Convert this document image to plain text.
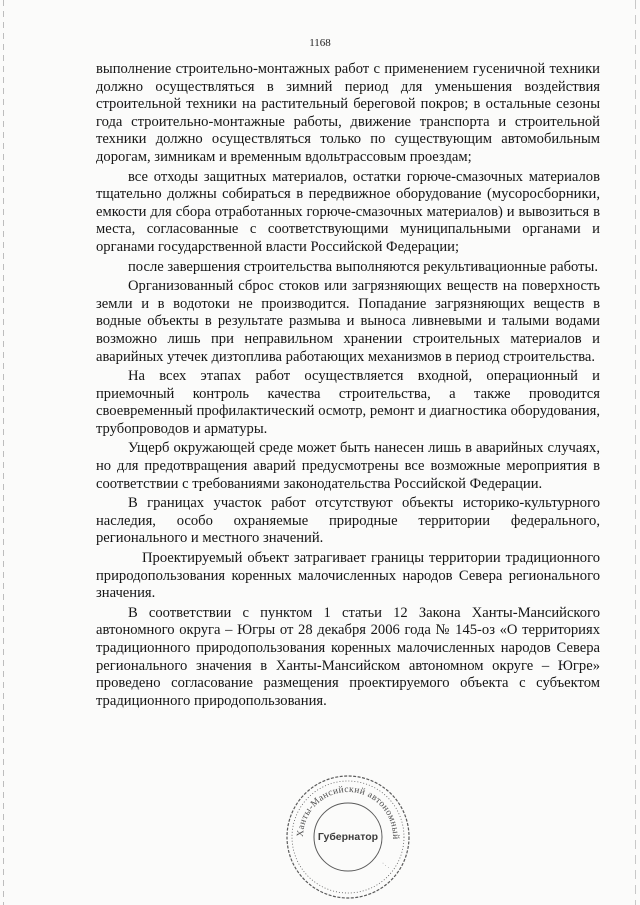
1168

выполнение строительно-монтажных работ с применением гусеничной техники должно осуществляться в зимний период для уменьшения воздействия строительной техники на растительный береговой покров; в остальные сезоны года строительно-монтажные работы, движение транспорта и строительной техники должно осуществляться только по существующим автомобильным дорогам, зимникам и временным вдольтрассовым проездам;

все отходы защитных материалов, остатки горюче-смазочных материалов тщательно должны собираться в передвижное оборудование (мусоросборники, емкости для сбора отработанных горюче-смазочных материалов) и вывозиться в места, согласованные с соответствующими муниципальными органами и органами государственной власти Российской Федерации;

после завершения строительства выполняются рекультивационные работы.

Организованный сброс стоков или загрязняющих веществ на поверхность земли и в водотоки не производится. Попадание загрязняющих веществ в водные объекты в результате размыва и выноса ливневыми и талыми водами возможно лишь при неправильном хранении строительных материалов и аварийных утечек дизтоплива работающих механизмов в период строительства.

На всех этапах работ осуществляется входной, операционный и приемочный контроль качества строительства, а также проводится своевременный профилактический осмотр, ремонт и диагностика оборудования, трубопроводов и арматуры.

Ущерб окружающей среде может быть нанесен лишь в аварийных случаях, но для предотвращения аварий предусмотрены все возможные мероприятия в соответствии с требованиями законодательства Российской Федерации.

В границах участок работ отсутствуют объекты историко-культурного наследия, особо охраняемые природные территории федерального, регионального и местного значений.

Проектируемый объект затрагивает границы территории традиционного природопользования коренных малочисленных народов Севера регионального значения.

В соответствии с пунктом 1 статьи 12 Закона Ханты-Мансийского автономного округа – Югры от 28 декабря 2006 года № 145-оз «О территориях традиционного природопользования коренных малочисленных народов Севера регионального значения в Ханты-Мансийском автономном округе – Югре» проведено согласование размещения проектируемого объекта с субъектом традиционного природопользования.

Ханты-Мансийский автономный
Губернатор
· · ·
